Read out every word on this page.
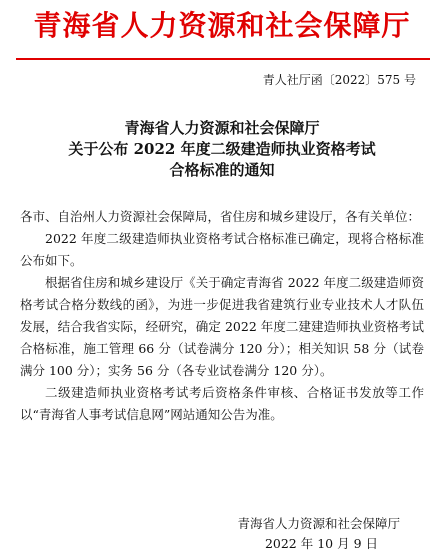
青海省人力资源和社会保障厅
青人社厅函〔2022〕575 号
青海省人力资源和社会保障厅
关于公布 2022 年度二级建造师执业资格考试
合格标准的通知

各市、自治州人力资源社会保障局，省住房和城乡建设厅，各有关单位：

2022 年度二级建造师执业资格考试合格标准已确定，现将合格标准公布如下。

根据省住房和城乡建设厅《关于确定青海省 2022 年度二级建造师资格考试合格分数线的函》，为进一步促进我省建筑行业专业技术人才队伍发展，结合我省实际，经研究，确定 2022 年度二建建造师执业资格考试合格标准，施工管理 66 分（试卷满分 120 分）；相关知识 58 分（试卷满分 100 分）；实务 56 分（各专业试卷满分 120 分）。

二级建造师执业资格考试考后资格条件审核、合格证书发放等工作以“青海省人事考试信息网”网站通知公告为准。

青海省人力资源和社会保障厅
2022 年 10 月 9 日
